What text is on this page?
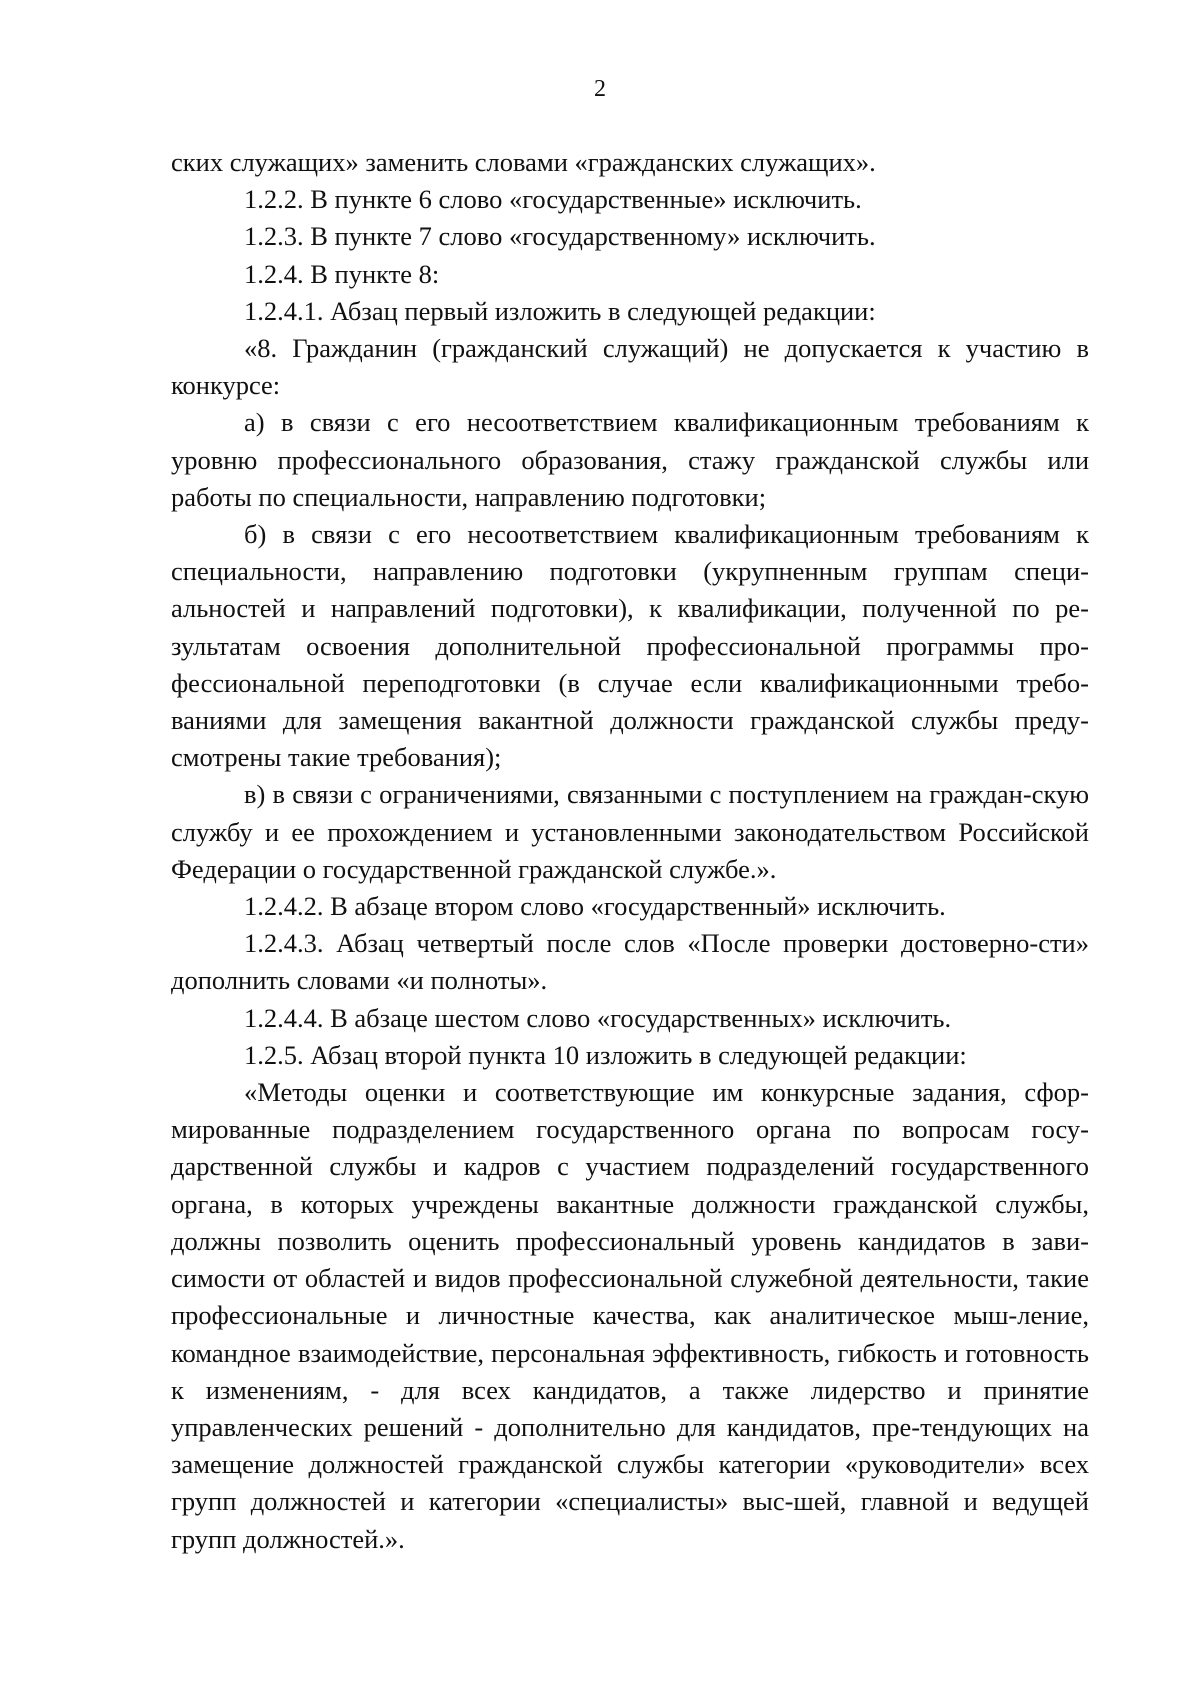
2

ских служащих» заменить словами «гражданских служащих».

1.2.2. В пункте 6 слово «государственные» исключить.

1.2.3. В пункте 7 слово «государственному» исключить.

1.2.4. В пункте 8:

1.2.4.1. Абзац первый изложить в следующей редакции:

«8. Гражданин (гражданский служащий) не допускается к участию в конкурсе:

а) в связи с его несоответствием квалификационным требованиям к уровню профессионального образования, стажу гражданской службы или работы по специальности, направлению подготовки;

б) в связи с его несоответствием квалификационным требованиям к специальности, направлению подготовки (укрупненным группам специ-альностей и направлений подготовки), к квалификации, полученной по ре-зультатам освоения дополнительной профессиональной программы про-фессиональной переподготовки (в случае если квалификационными требо-ваниями для замещения вакантной должности гражданской службы преду-смотрены такие требования);

в) в связи с ограничениями, связанными с поступлением на граждан-скую службу и ее прохождением и установленными законодательством Российской Федерации о государственной гражданской службе.».

1.2.4.2. В абзаце втором слово «государственный» исключить.

1.2.4.3. Абзац четвертый после слов «После проверки достоверно-сти» дополнить словами «и полноты».

1.2.4.4. В абзаце шестом слово «государственных» исключить.

1.2.5. Абзац второй пункта 10 изложить в следующей редакции:

«Методы оценки и соответствующие им конкурсные задания, сфор-мированные подразделением государственного органа по вопросам госу-дарственной службы и кадров с участием подразделений государственного органа, в которых учреждены вакантные должности гражданской службы, должны позволить оценить профессиональный уровень кандидатов в зави-симости от областей и видов профессиональной служебной деятельности, такие профессиональные и личностные качества, как аналитическое мыш-ление, командное взаимодействие, персональная эффективность, гибкость и готовность к изменениям, - для всех кандидатов, а также лидерство и принятие управленческих решений - дополнительно для кандидатов, пре-тендующих на замещение должностей гражданской службы категории «руководители» всех групп должностей и категории «специалисты» выс-шей, главной и ведущей групп должностей.».
